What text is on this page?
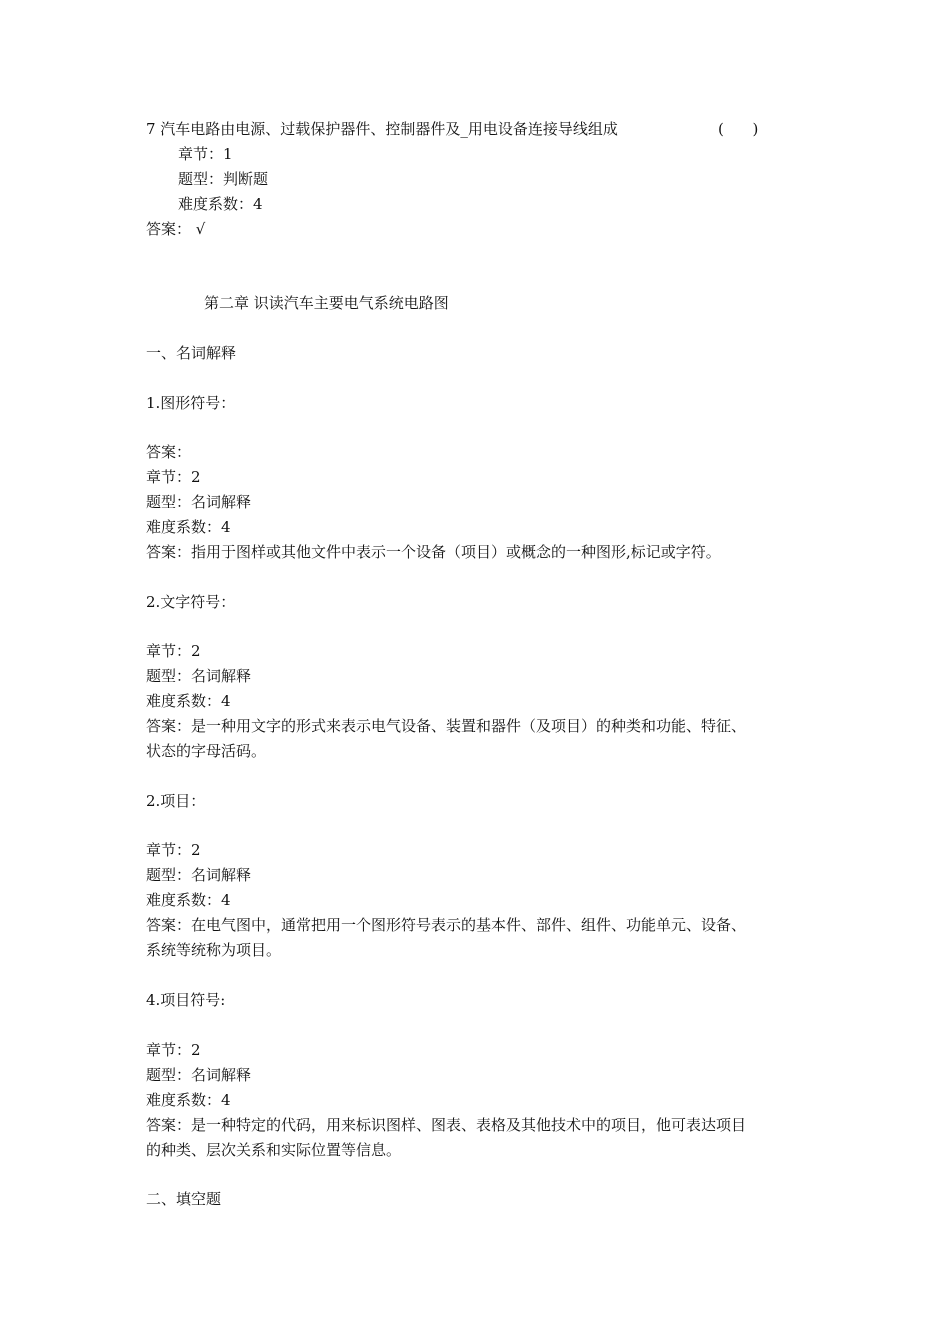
7 汽车电路由电源、过载保护器件、控制器件及_用电设备连接导线组成	(      )
章节：1
题型：判断题
难度系数：4
答案： √
第二章 识读汽车主要电气系统电路图
一、名词解释
1.图形符号：
答案：
章节：2
题型：名词解释
难度系数：4
答案：指用于图样或其他文件中表示一个设备（项目）或概念的一种图形,标记或字符。
2.文字符号：
章节：2
题型：名词解释
难度系数：4
答案：是一种用文字的形式来表示电气设备、装置和器件（及项目）的种类和功能、特征、
状态的字母活码。
2.项目：
章节：2
题型：名词解释
难度系数：4
答案：在电气图中，通常把用一个图形符号表示的基本件、部件、组件、功能单元、设备、
系统等统称为项目。
4.项目符号:
章节：2
题型：名词解释
难度系数：4
答案：是一种特定的代码，用来标识图样、图表、表格及其他技术中的项目，他可表达项目
的种类、层次关系和实际位置等信息。
二、填空题
